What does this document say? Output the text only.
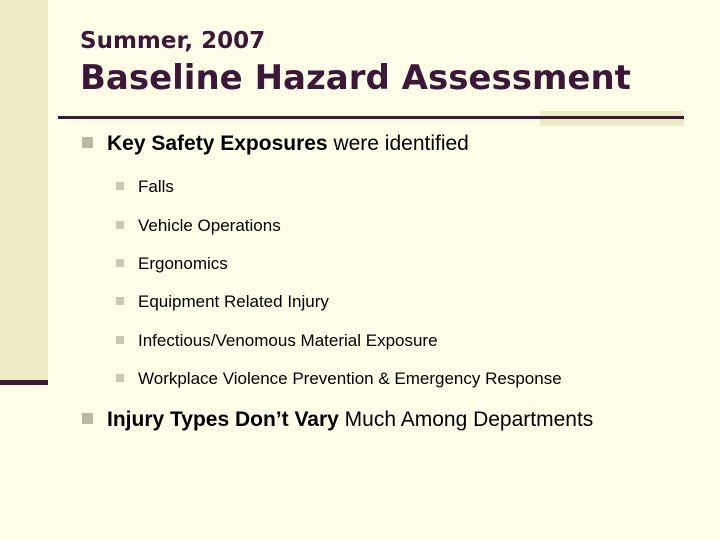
Summer, 2007
Baseline Hazard Assessment
Key Safety Exposures were identified
Falls
Vehicle Operations
Ergonomics
Equipment Related Injury
Infectious/Venomous Material Exposure
Workplace Violence Prevention & Emergency Response
Injury Types Don’t Vary Much Among Departments
